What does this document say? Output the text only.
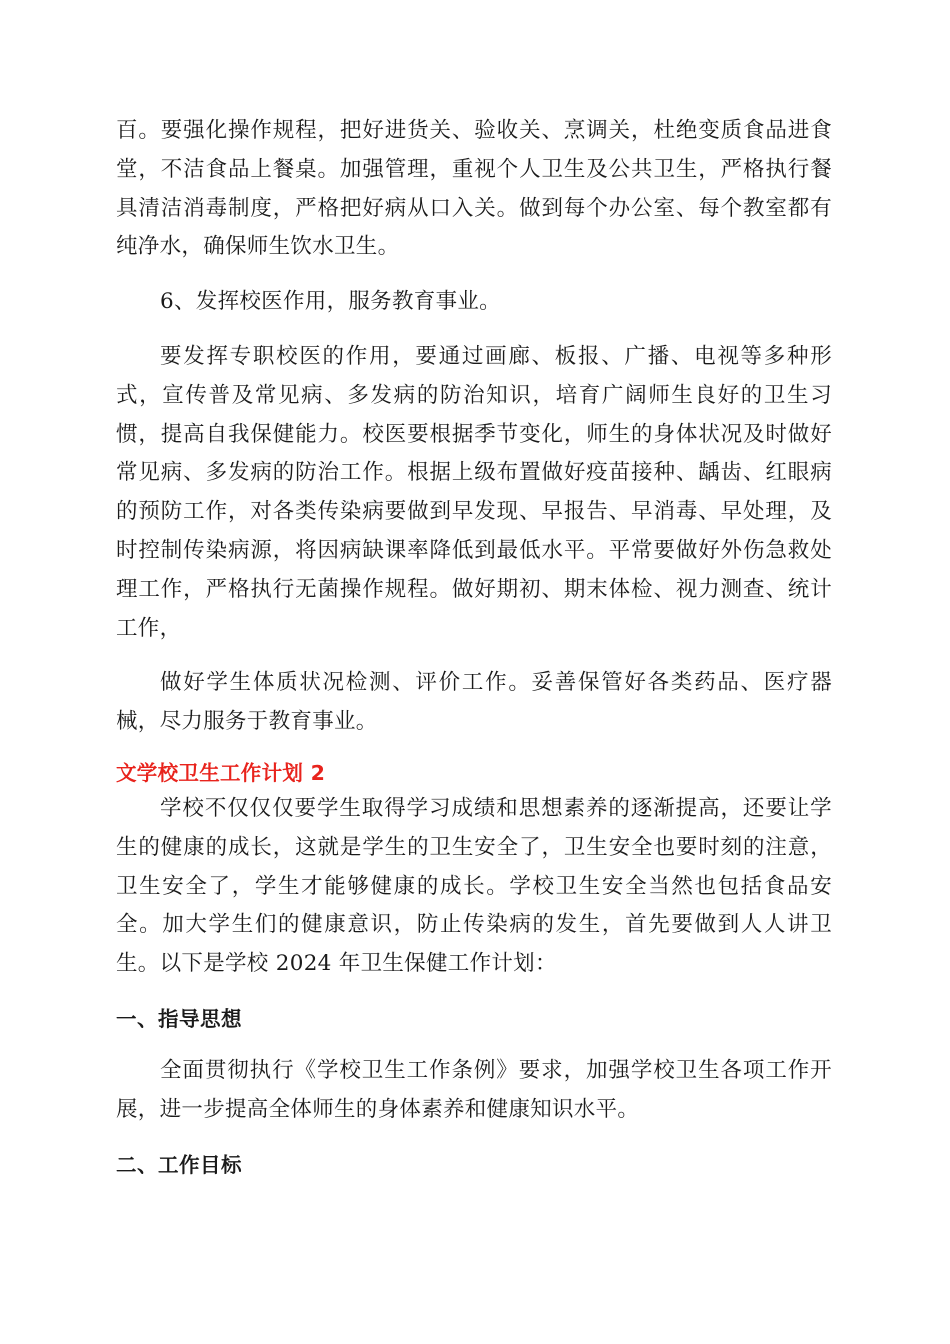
百。要强化操作规程，把好进货关、验收关、烹调关，杜绝变质食品进食堂，不洁食品上餐桌。加强管理，重视个人卫生及公共卫生，严格执行餐具清洁消毒制度，严格把好病从口入关。做到每个办公室、每个教室都有纯净水，确保师生饮水卫生。

6、发挥校医作用，服务教育事业。

要发挥专职校医的作用，要通过画廊、板报、广播、电视等多种形式，宣传普及常见病、多发病的防治知识，培育广阔师生良好的卫生习惯，提高自我保健能力。校医要根据季节变化，师生的身体状况及时做好常见病、多发病的防治工作。根据上级布置做好疫苗接种、龋齿、红眼病的预防工作，对各类传染病要做到早发现、早报告、早消毒、早处理，及时控制传染病源，将因病缺课率降低到最低水平。平常要做好外伤急救处理工作，严格执行无菌操作规程。做好期初、期末体检、视力测查、统计工作，

做好学生体质状况检测、评价工作。妥善保管好各类药品、医疗器械，尽力服务于教育事业。

文学校卫生工作计划 2

学校不仅仅仅要学生取得学习成绩和思想素养的逐渐提高，还要让学生的健康的成长，这就是学生的卫生安全了，卫生安全也要时刻的注意，卫生安全了，学生才能够健康的成长。学校卫生安全当然也包括食品安全。加大学生们的健康意识，防止传染病的发生，首先要做到人人讲卫生。以下是学校 2024 年卫生保健工作计划：

一、指导思想

全面贯彻执行《学校卫生工作条例》要求，加强学校卫生各项工作开展，进一步提高全体师生的身体素养和健康知识水平。

二、工作目标
